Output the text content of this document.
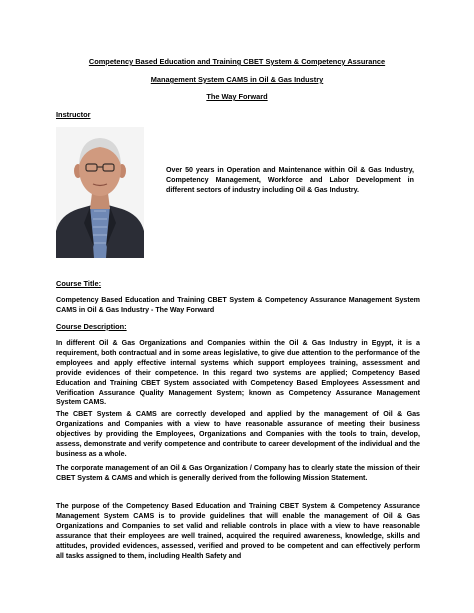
Competency Based Education and Training CBET System & Competency Assurance
Management System CAMS in Oil & Gas Industry
The Way Forward
Instructor
Over 50 years in Operation and Maintenance within Oil & Gas Industry, Competency Management, Workforce and Labor Development in different sectors of industry including Oil & Gas Industry.
Course Title:
Competency Based Education and Training CBET System & Competency Assurance Management System CAMS in Oil & Gas Industry - The Way Forward
Course Description:
In different Oil & Gas Organizations and Companies within the Oil & Gas Industry in Egypt, it is a requirement, both contractual and in some areas legislative, to give due attention to the performance of the employees and apply effective internal systems which support employees training, assessment and provide evidences of their competence. In this regard two systems are applied; Competency Based Education and Training CBET System associated with Competency Based Employees Assessment and Verification Assurance Quality Management System; known as Competency Assurance Management System CAMS.
The CBET System & CAMS are correctly developed and applied by the management of Oil & Gas Organizations and Companies with a view to have reasonable assurance of meeting their business objectives by providing the Employees, Organizations and Companies with the tools to train, develop, assess, demonstrate and verify competence and contribute to career development of the individual and the business as a whole.
The corporate management of an Oil & Gas Organization / Company has to clearly state the mission of their CBET System & CAMS and which is generally derived from the following Mission Statement.
The purpose of the Competency Based Education and Training CBET System & Competency Assurance Management System CAMS is to provide guidelines that will enable the management of Oil & Gas Organizations and Companies to set valid and reliable controls in place with a view to have reasonable assurance that their employees are well trained, acquired the required awareness, knowledge, skills and attitudes, provided evidences, assessed, verified and proved to be competent and can effectively perform all tasks assigned to them, including Health Safety and
